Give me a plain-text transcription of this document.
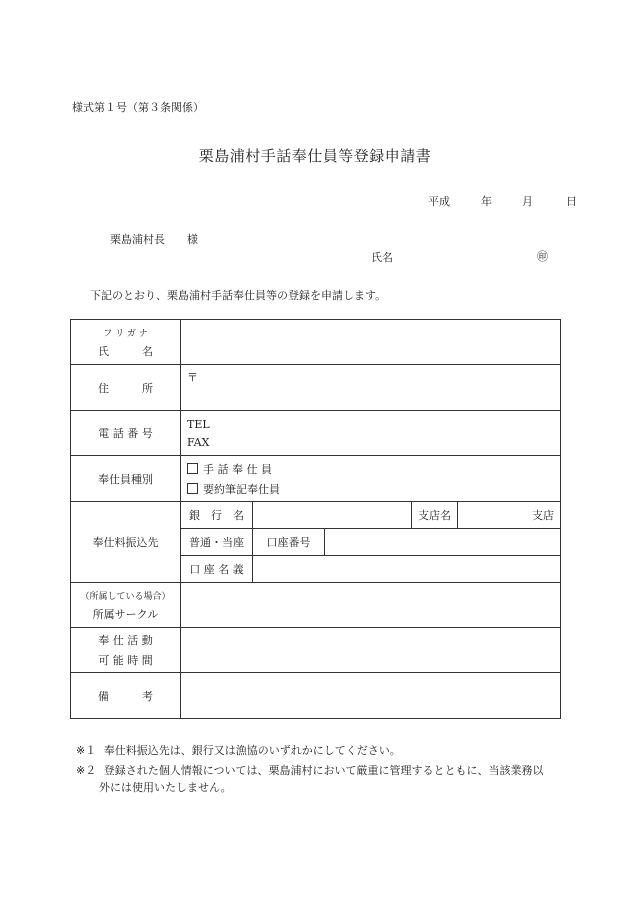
様式第１号（第３条関係）
栗島浦村手話奉仕員等登録申請書
平成	年	月	日
栗島浦村長　　様
氏名	㊞
下記のとおり、栗島浦村手話奉仕員等の登録を申請します。
フ リ ガ ナ
氏　　　名					

住　　　所	〒				
電 話 番 号	TEL
FAX				

奉仕員種別	手 話 奉 仕 員
要約筆記奉仕員				

奉仕料振込先	銀　行　名			支店名	支店
	普通・当座	口座番号			
	口 座 名 義				

（所属している場合）
所属サークル					

奉 仕 活 動
可 能 時 間					

備　　　考					
※１ 奉仕料振込先は、銀行又は漁協のいずれかにしてください。
※２ 登録された個人情報については、栗島浦村において厳重に管理するとともに、当該業務以
外には使用いたしません。
